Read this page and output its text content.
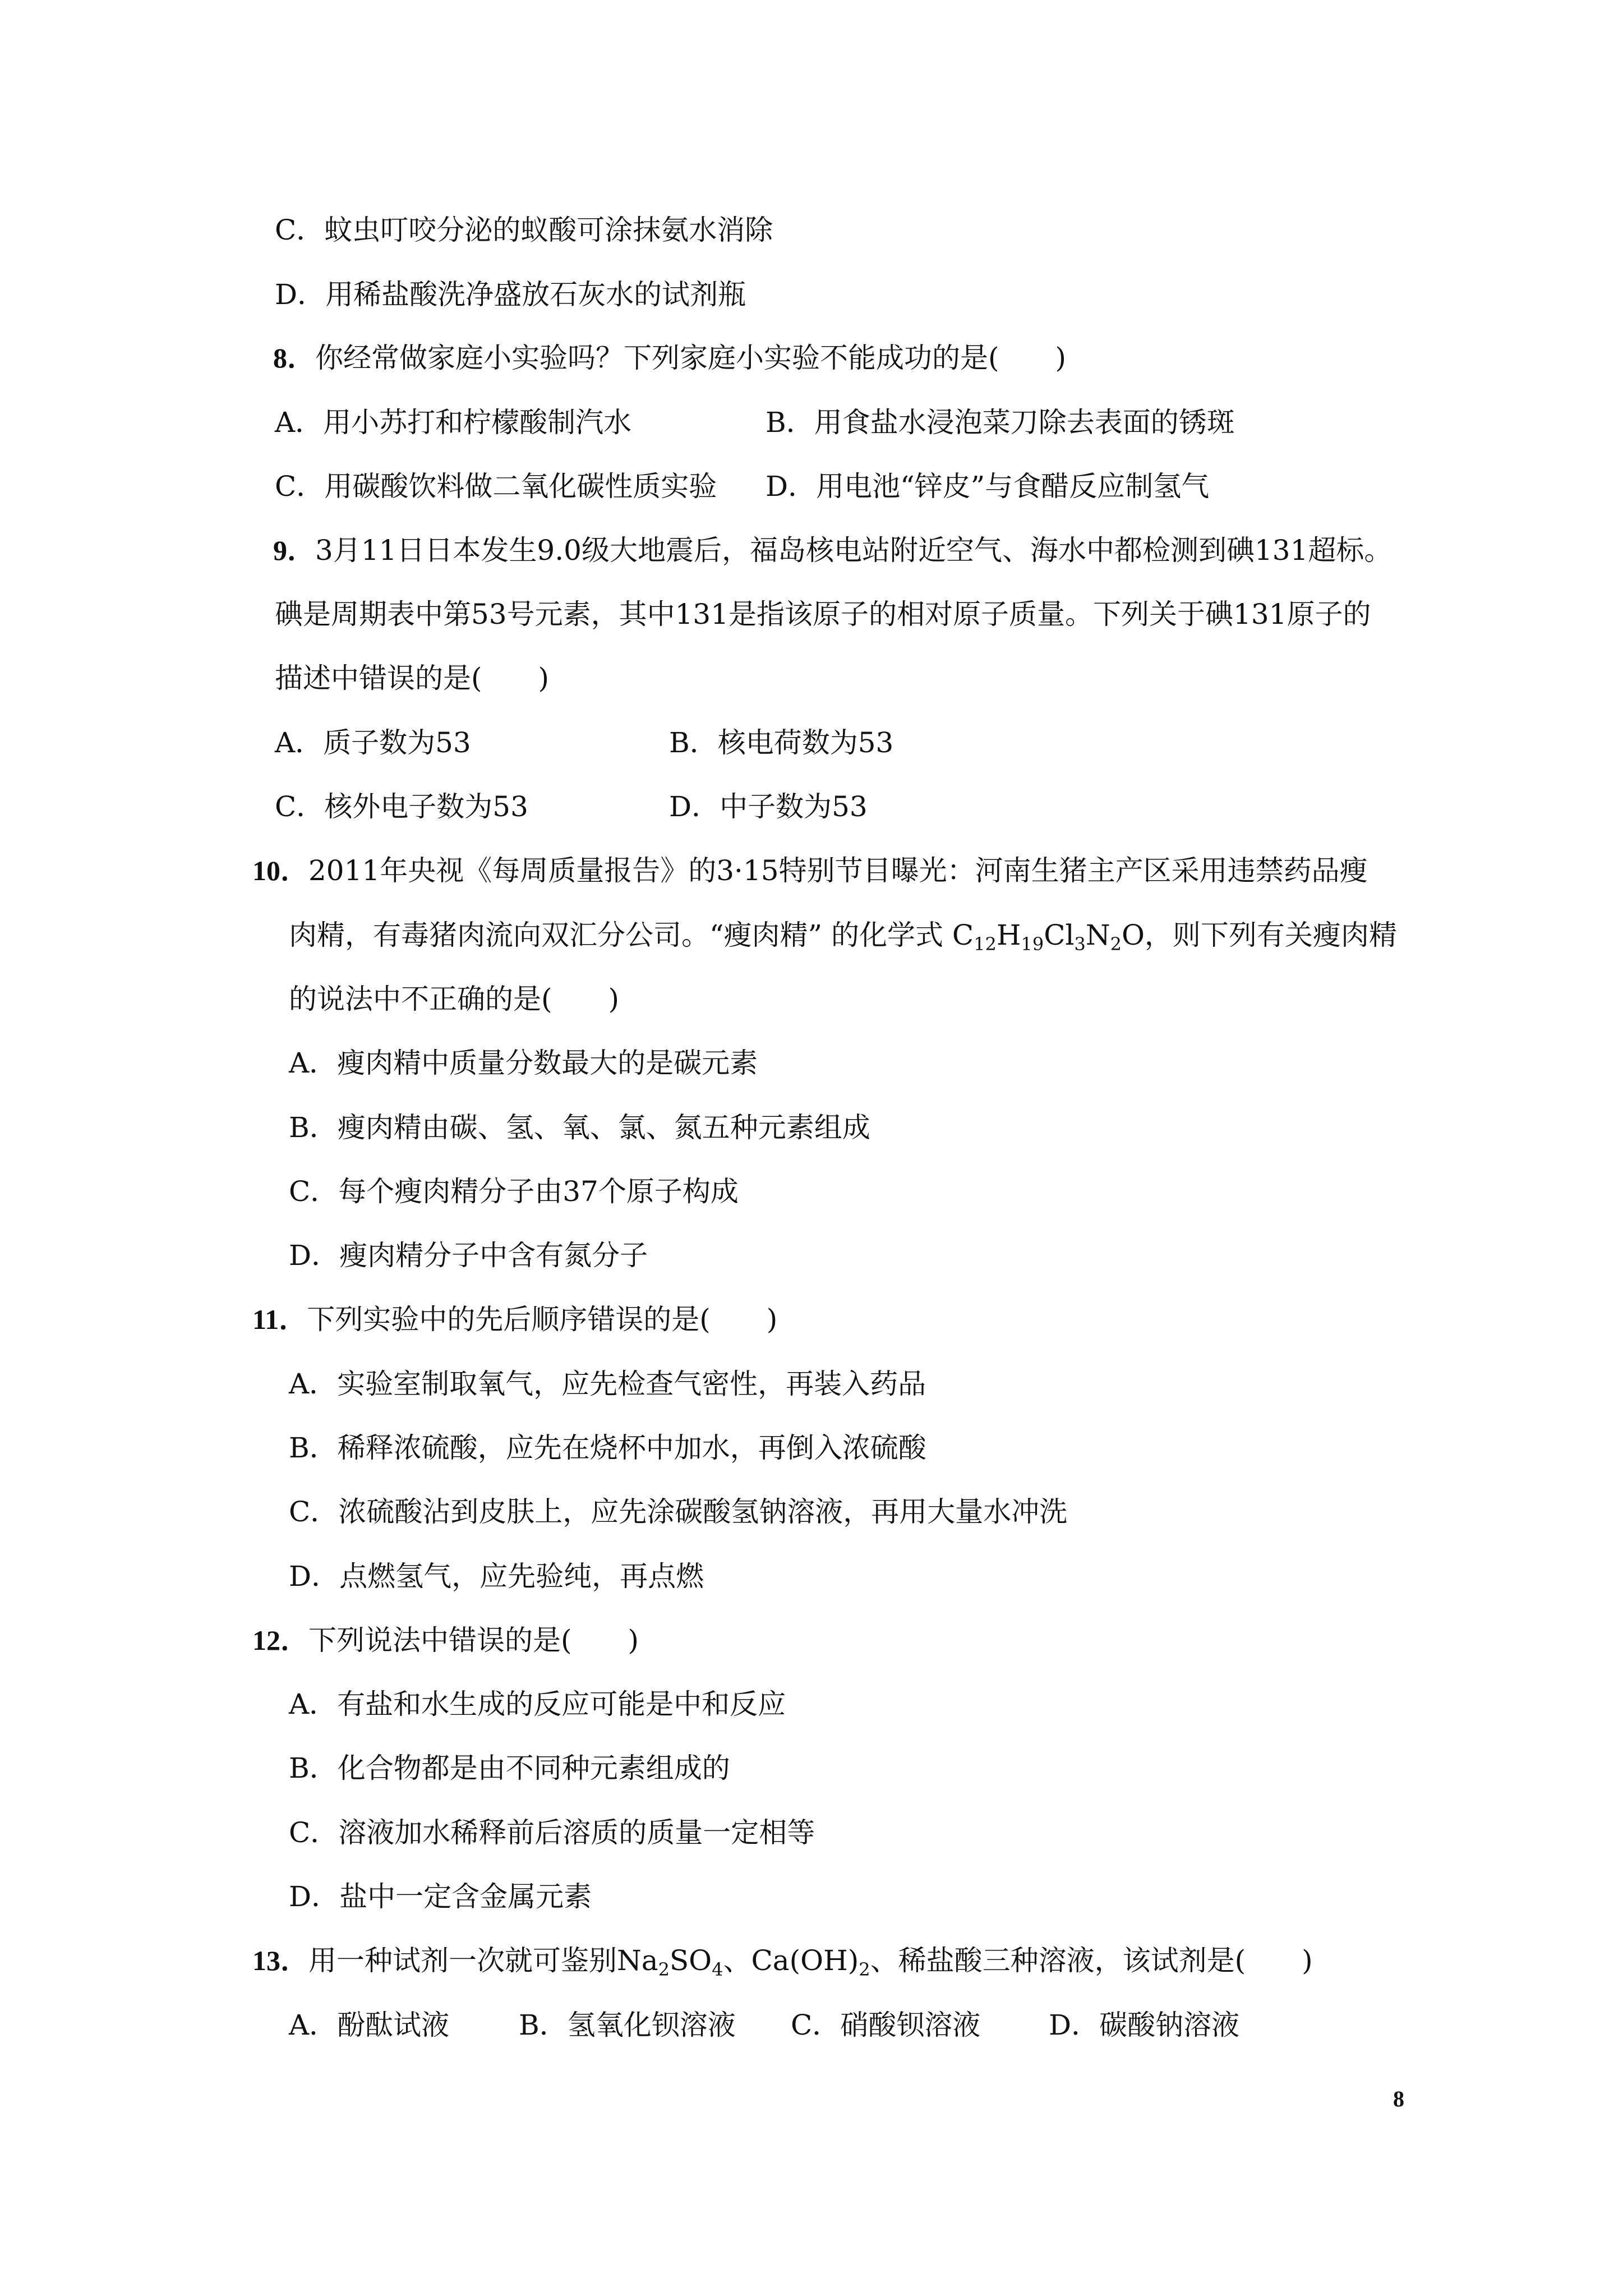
C．蚊虫叮咬分泌的蚁酸可涂抹氨水消除
D．用稀盐酸洗净盛放石灰水的试剂瓶
8．你经常做家庭小实验吗？下列家庭小实验不能成功的是(　　)
A．用小苏打和柠檬酸制汽水	B．用食盐水浸泡菜刀除去表面的锈斑
C．用碳酸饮料做二氧化碳性质实验 D．用电池“锌皮”与食醋反应制氢气
9．3月11日日本发生9.0级大地震后，福岛核电站附近空气、海水中都检测到碘131超标。
碘是周期表中第53号元素，其中131是指该原子的相对原子质量。下列关于碘131原子的
描述中错误的是(　　)
A．质子数为53	B．核电荷数为53
C．核外电子数为53	D．中子数为53
10．2011年央视《每周质量报告》的3·15特别节目曝光：河南生猪主产区采用违禁药品瘦
肉精，有毒猪肉流向双汇分公司。“瘦肉精” 的化学式 $C_{12}H_{19}Cl_3N_2O$，则下列有关瘦肉精
的说法中不正确的是(　　)
A．瘦肉精中质量分数最大的是碳元素
B．瘦肉精由碳、氢、氧、氯、氮五种元素组成
C．每个瘦肉精分子由37个原子构成
D．瘦肉精分子中含有氮分子
11．下列实验中的先后顺序错误的是(　　)
A．实验室制取氧气，应先检查气密性，再装入药品
B．稀释浓硫酸，应先在烧杯中加水，再倒入浓硫酸
C．浓硫酸沾到皮肤上，应先涂碳酸氢钠溶液，再用大量水冲洗
D．点燃氢气，应先验纯，再点燃
12．下列说法中错误的是(　　)
A．有盐和水生成的反应可能是中和反应
B．化合物都是由不同种元素组成的
C．溶液加水稀释前后溶质的质量一定相等
D．盐中一定含金属元素
13．用一种试剂一次就可鉴别$Na_2SO_4$、$Ca(OH)_2$、稀盐酸三种溶液，该试剂是(　　)
A．酚酞试液 B．氢氧化钡溶液 C．硝酸钡溶液 D．碳酸钠溶液
8
